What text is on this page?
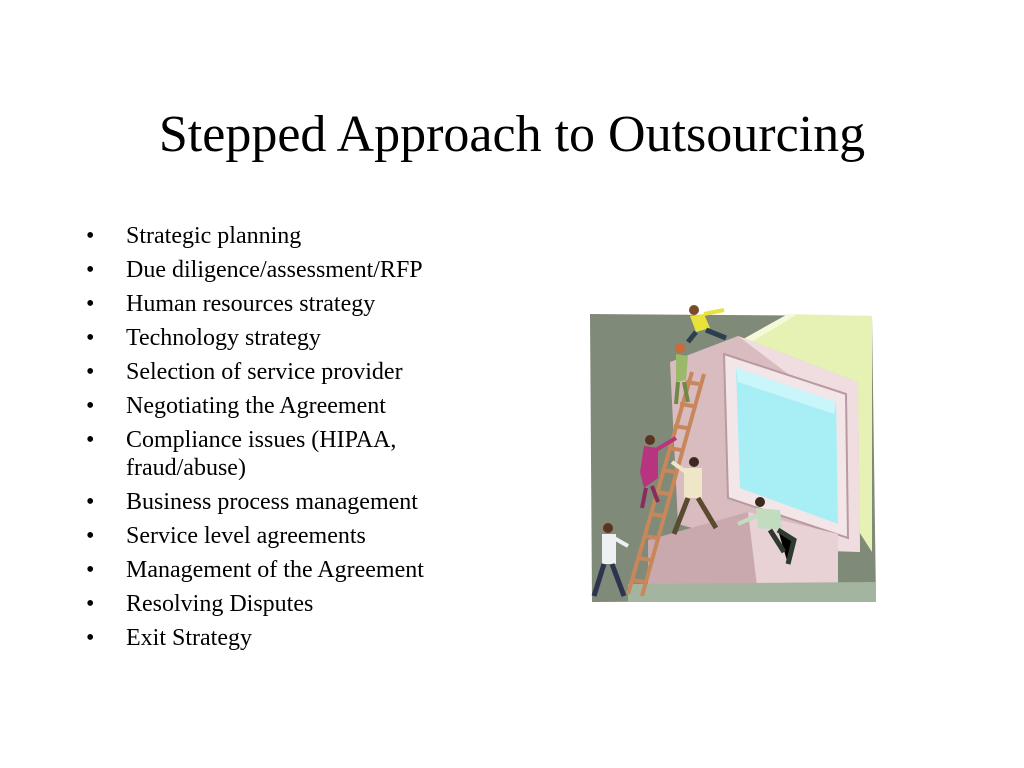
Stepped Approach to Outsourcing
•	Strategic planning
•	Due diligence/assessment/RFP
•	Human resources strategy
•	Technology strategy
•	Selection of service provider
•	Negotiating the Agreement
•	Compliance issues (HIPAA, fraud/abuse)
•	Business process management
•	Service level agreements
•	Management of the Agreement
•	Resolving Disputes
•	Exit Strategy
